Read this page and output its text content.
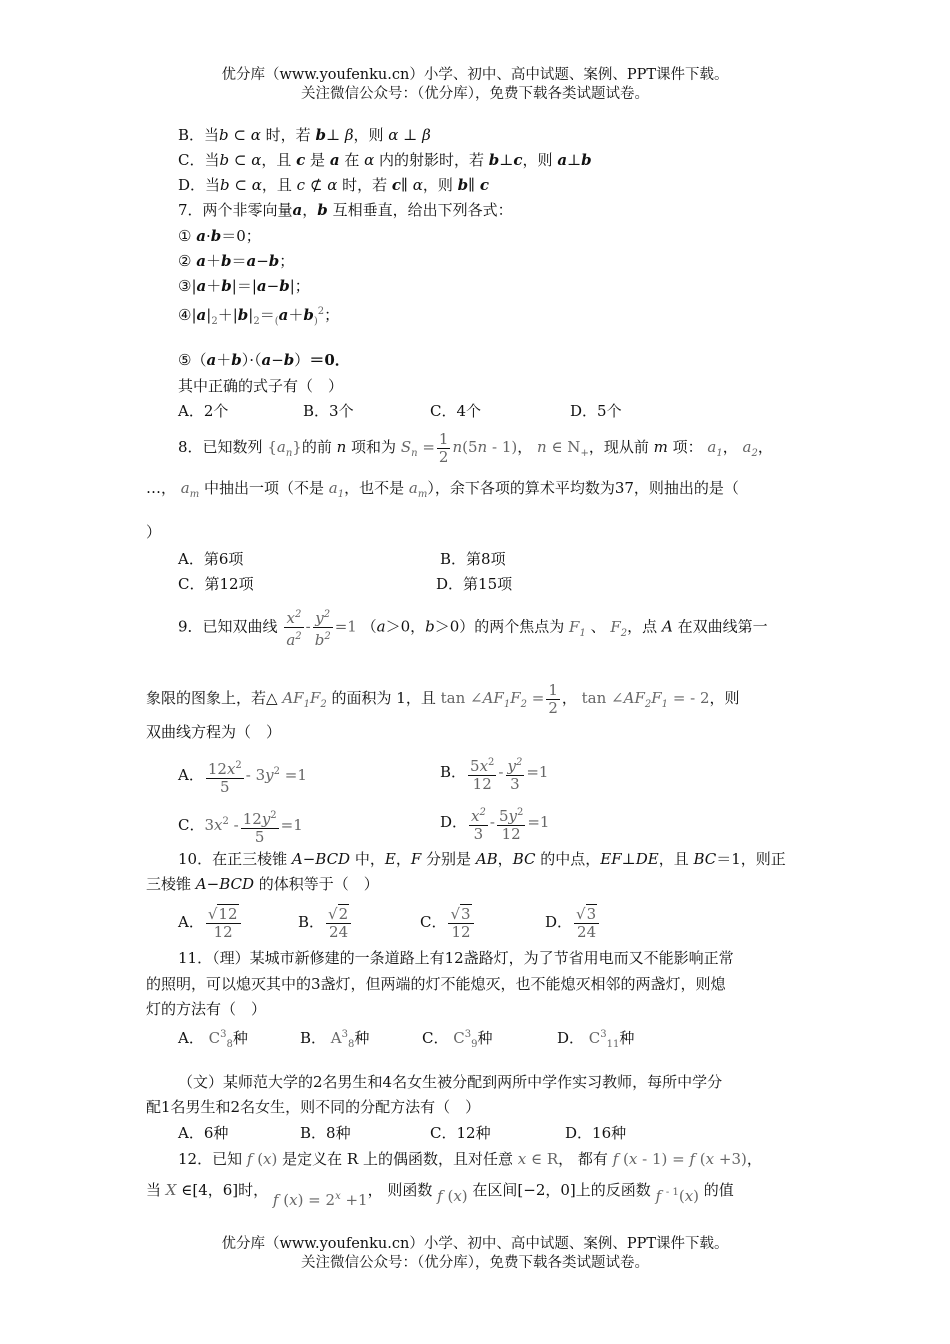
优分库（www.youfenku.cn）小学、初中、高中试题、案例、PPT课件下载。
关注微信公众号：（优分库），免费下载各类试题试卷。
B．当b ⊂ α 时，若 b⊥ β，则 α ⊥ β
C．当b ⊂ α，且 c 是 a 在 α 内的射影时，若 b⊥c，则 a⊥b
D．当b ⊂ α，且 c ⊄ α 时，若 c∥ α，则 b∥ c
7．两个非零向量a，b 互相垂直，给出下列各式：
① a·b＝0；
② a＋b＝a−b；
③|a＋b|＝|a−b|；
$④|a|_2+|b|_2=_(a+b_)^2$；
⑤（a＋b）·（a−b）＝0．
其中正确的式子有（　）
A．2个	B．3个	C．4个	D．5个
8．已知数列 $\{a_n\}$的前 n 项和为 $S_n = \frac{1}{2} n(5n - 1)$， n ∈ $N_+$，现从前 m 项： $a_1$， $a_2$，
…， $a_m$ 中抽出一项（不是 $a_1$，也不是 $a_m$），余下各项的算术平均数为37，则抽出的是（
）
A．第6项	B．第8项
C．第12项	D．第15项
9．已知双曲线 $\frac{x^2}{a^2} - \frac{y^2}{b^2} =1$ （a＞0，b＞0）的两个焦点为 $F_1$ 、 $F_2$，点 A 在双曲线第一
象限的图象上，若△ $AF_1F_2$ 的面积为 1，且 $\tan \angle AF_1F_2 = \frac{1}{2}$ ， $\tan \angle AF_2F_1$ = - 2，则
双曲线方程为（　）
A． $\frac{12x^2}{5} - 3y^2 =1$	B． $\frac{5x^2}{12} - \frac{y^2}{3} =1$
C．$3x^2 - \frac{12y^2}{5} =1$	D． $\frac{x^2}{3} - \frac{5y^2}{12} =1$
10．在正三棱锥 A−BCD 中，E，F 分别是 AB，BC 的中点，EF⊥DE，且 BC＝1，则正
三棱锥 A−BCD 的体积等于（　）
A． $\frac{√12}{12}$	B． $\frac{√2}{24}$	C． $\frac{√3}{12}$	D． $\frac{√3}{24}$
11．（理）某城市新修建的一条道路上有12盏路灯，为了节省用电而又不能影响正常
的照明，可以熄灭其中的3盏灯，但两端的灯不能熄灭，也不能熄灭相邻的两盏灯，则熄
灯的方法有（　）
A． $C^3_8$种	B． $A^3_8$种	C． $C^3_9$种	D． $C^3_{11}$种
（文）某师范大学的2名男生和4名女生被分配到两所中学作实习教师，每所中学分
配1名男生和2名女生，则不同的分配方法有（　）
A．6种	B．8种	C．12种	D．16种
12．已知 f (x) 是定义在 R 上的偶函数，且对任意 x ∈ R， 都有 f (x - 1) = f (x +3)，
当 X ∈[4，6]时， f $(x) = 2^x +1$， 则函数 f (x) 在区间[−2，0]上的反函数 f $^{- 1}$(x) 的值
优分库（www.youfenku.cn）小学、初中、高中试题、案例、PPT课件下载。
关注微信公众号：（优分库），免费下载各类试题试卷。
